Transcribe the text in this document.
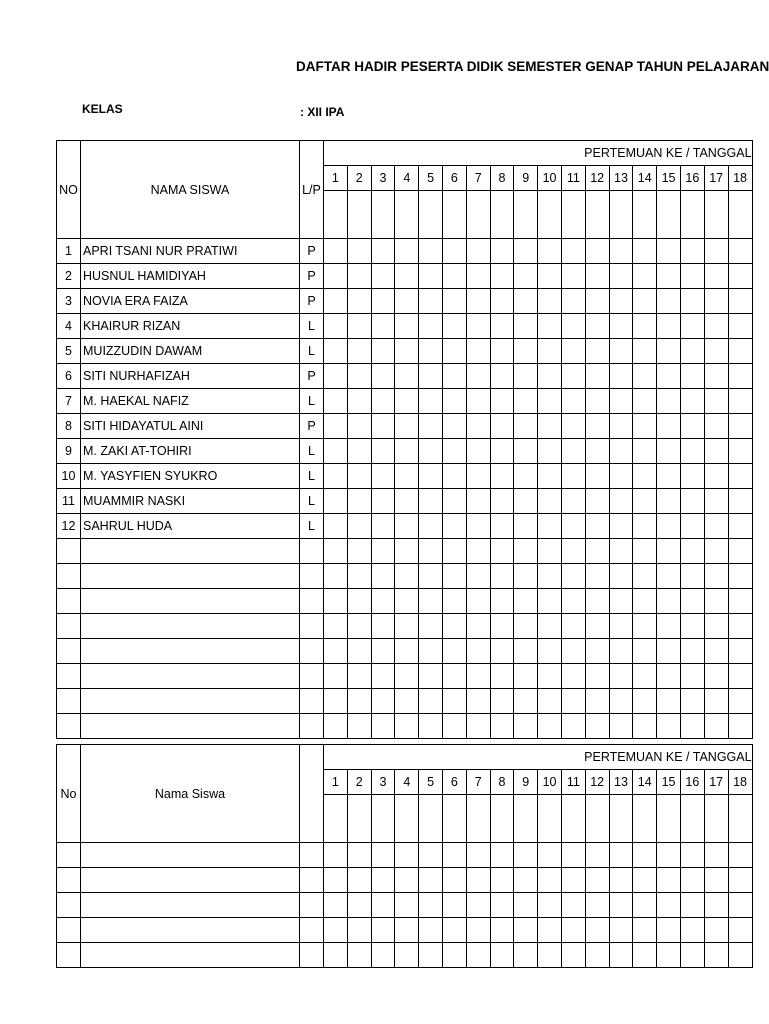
DAFTAR HADIR PESERTA DIDIK SEMESTER GENAP TAHUN PELAJARAN
KELAS	: XII IPA
NO	NAMA SISWA	L/P	PERTEMUAN KE / TANGGAL																	
			1	2	3	4	5	6	7	8	9	10	11	12	13	14	15	16	17	18

1	APRI TSANI NUR PRATIWI	P																		
2	HUSNUL HAMIDIYAH	P																		
3	NOVIA ERA FAIZA	P																		
4	KHAIRUR RIZAN	L																		
5	MUIZZUDIN DAWAM	L																		
6	SITI NURHAFIZAH	P																		
7	M. HAEKAL NAFIZ	L																		
8	SITI HIDAYATUL AINI	P																		
9	M. ZAKI AT-TOHIRI	L																		
10	M. YASYFIEN SYUKRO	L																		
11	MUAMMIR NASKI	L																		
12	SAHRUL HUDA	L																		

No	Nama Siswa		PERTEMUAN KE / TANGGAL																	
			1	2	3	4	5	6	7	8	9	10	11	12	13	14	15	16	17	18
